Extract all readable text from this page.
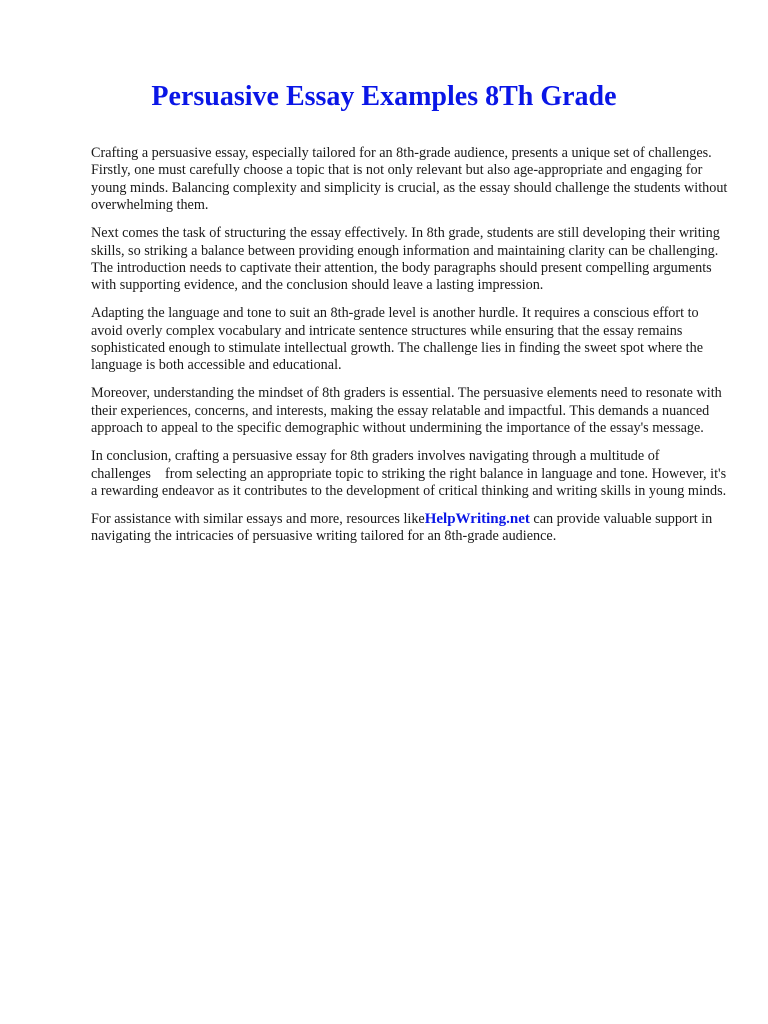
Persuasive Essay Examples 8Th Grade

Crafting a persuasive essay, especially tailored for an 8th-grade audience, presents a unique set of challenges. Firstly, one must carefully choose a topic that is not only relevant but also age-appropriate and engaging for young minds. Balancing complexity and simplicity is crucial, as the essay should challenge the students without overwhelming them.

Next comes the task of structuring the essay effectively. In 8th grade, students are still developing their writing skills, so striking a balance between providing enough information and maintaining clarity can be challenging. The introduction needs to captivate their attention, the body paragraphs should present compelling arguments with supporting evidence, and the conclusion should leave a lasting impression.

Adapting the language and tone to suit an 8th-grade level is another hurdle. It requires a conscious effort to avoid overly complex vocabulary and intricate sentence structures while ensuring that the essay remains sophisticated enough to stimulate intellectual growth. The challenge lies in finding the sweet spot where the language is both accessible and educational.

Moreover, understanding the mindset of 8th graders is essential. The persuasive elements need to resonate with their experiences, concerns, and interests, making the essay relatable and impactful. This demands a nuanced approach to appeal to the specific demographic without undermining the importance of the essay's message.

In conclusion, crafting a persuasive essay for 8th graders involves navigating through a multitude of challenges    from selecting an appropriate topic to striking the right balance in language and tone. However, it's a rewarding endeavor as it contributes to the development of critical thinking and writing skills in young minds.

For assistance with similar essays and more, resources likeHelpWriting.net can provide valuable support in navigating the intricacies of persuasive writing tailored for an 8th-grade audience.
